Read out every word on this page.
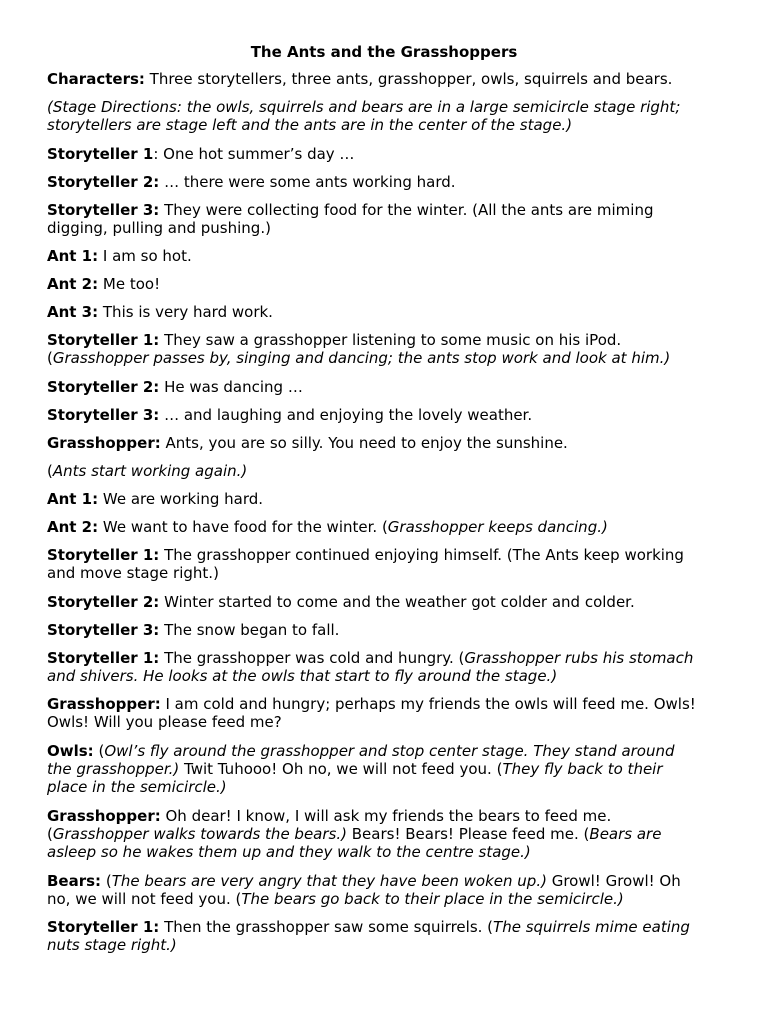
The Ants and the Grasshoppers
Characters: Three storytellers, three ants, grasshopper, owls, squirrels and bears.
(Stage Directions: the owls, squirrels and bears are in a large semicircle stage right;
storytellers are stage left and the ants are in the center of the stage.)
Storyteller 1: One hot summer’s day …
Storyteller 2: … there were some ants working hard.
Storyteller 3: They were collecting food for the winter. (All the ants are miming
digging, pulling and pushing.)
Ant 1: I am so hot.
Ant 2: Me too!
Ant 3: This is very hard work.
Storyteller 1: They saw a grasshopper listening to some music on his iPod.
(Grasshopper passes by, singing and dancing; the ants stop work and look at him.)
Storyteller 2: He was dancing …
Storyteller 3: … and laughing and enjoying the lovely weather.
Grasshopper: Ants, you are so silly. You need to enjoy the sunshine.
(Ants start working again.)
Ant 1: We are working hard.
Ant 2: We want to have food for the winter. (Grasshopper keeps dancing.)
Storyteller 1: The grasshopper continued enjoying himself. (The Ants keep working
and move stage right.)
Storyteller 2: Winter started to come and the weather got colder and colder.
Storyteller 3: The snow began to fall.
Storyteller 1: The grasshopper was cold and hungry. (Grasshopper rubs his stomach
and shivers. He looks at the owls that start to fly around the stage.)
Grasshopper: I am cold and hungry; perhaps my friends the owls will feed me. Owls!
Owls! Will you please feed me?
Owls: (Owl’s fly around the grasshopper and stop center stage. They stand around
the grasshopper.) Twit Tuhooo! Oh no, we will not feed you. (They fly back to their
place in the semicircle.)
Grasshopper: Oh dear! I know, I will ask my friends the bears to feed me.
(Grasshopper walks towards the bears.) Bears! Bears! Please feed me. (Bears are
asleep so he wakes them up and they walk to the centre stage.)
Bears: (The bears are very angry that they have been woken up.) Growl! Growl! Oh
no, we will not feed you. (The bears go back to their place in the semicircle.)
Storyteller 1: Then the grasshopper saw some squirrels. (The squirrels mime eating
nuts stage right.)
